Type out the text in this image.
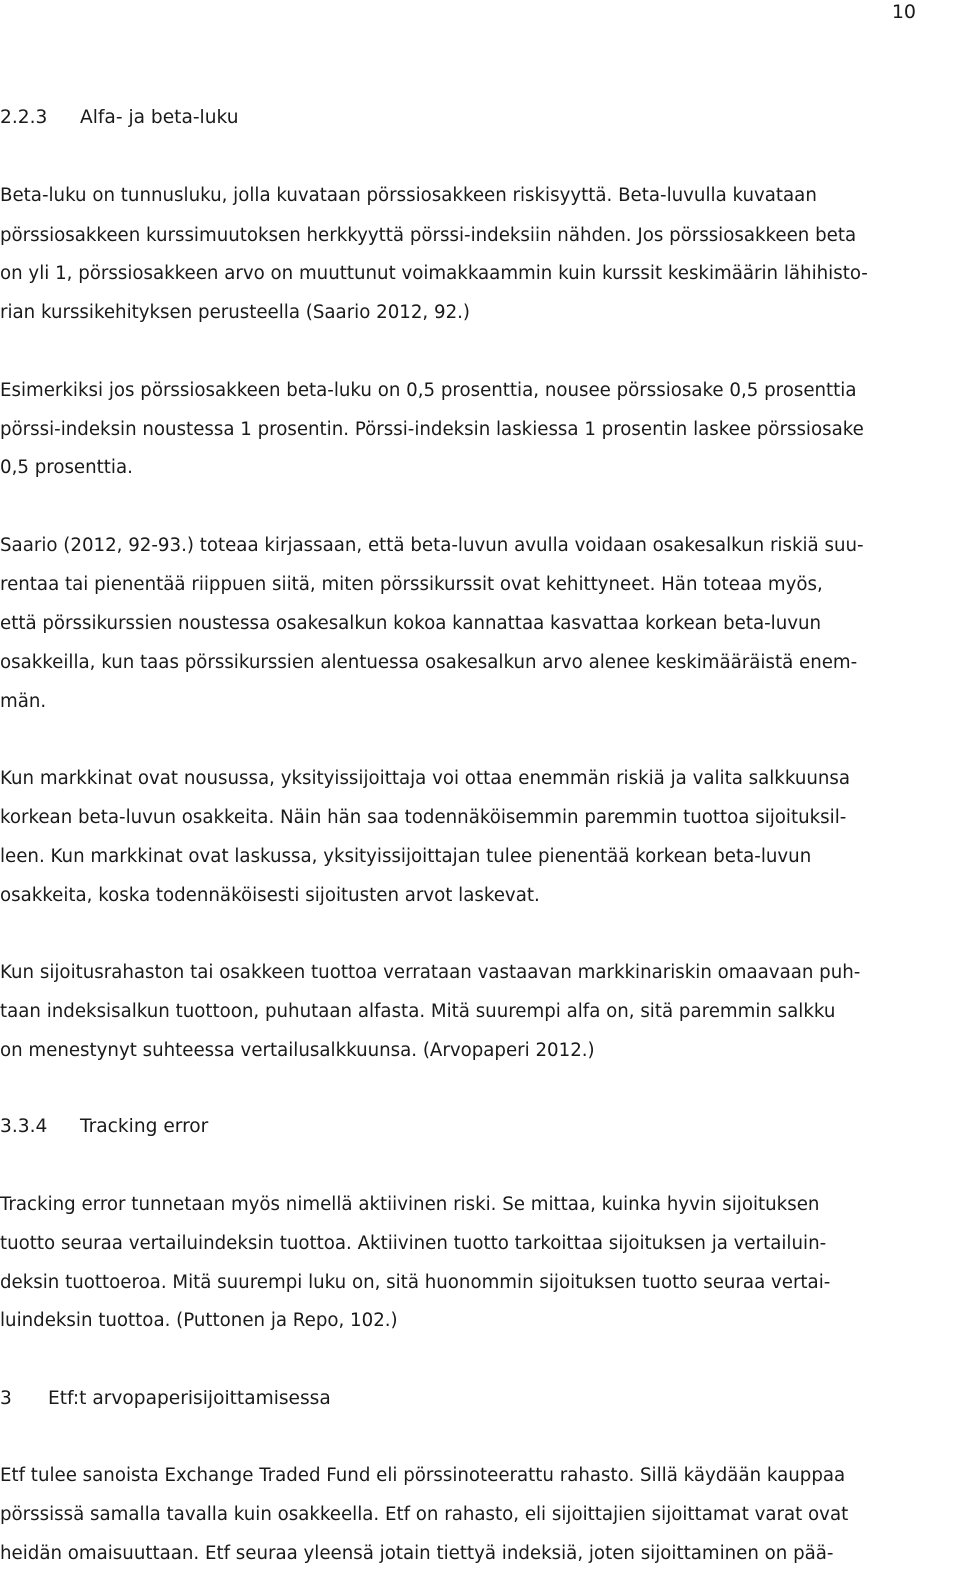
10
2.2.3 Alfa- ja beta-luku
Beta-luku on tunnusluku, jolla kuvataan pörssiosakkeen riskisyyttä. Beta-luvulla kuvataan
pörssiosakkeen kurssimuutoksen herkkyyttä pörssi-indeksiin nähden. Jos pörssiosakkeen beta
on yli 1, pörssiosakkeen arvo on muuttunut voimakkaammin kuin kurssit keskimäärin lähihisto-
rian kurssikehityksen perusteella (Saario 2012, 92.)
Esimerkiksi jos pörssiosakkeen beta-luku on 0,5 prosenttia, nousee pörssiosake 0,5 prosenttia
pörssi-indeksin noustessa 1 prosentin. Pörssi-indeksin laskiessa 1 prosentin laskee pörssiosake
0,5 prosenttia.
Saario (2012, 92-93.) toteaa kirjassaan, että beta-luvun avulla voidaan osakesalkun riskiä suu-
rentaa tai pienentää riippuen siitä, miten pörssikurssit ovat kehittyneet. Hän toteaa myös,
että pörssikurssien noustessa osakesalkun kokoa kannattaa kasvattaa korkean beta-luvun
osakkeilla, kun taas pörssikurssien alentuessa osakesalkun arvo alenee keskimääräistä enem-
män.
Kun markkinat ovat nousussa, yksityissijoittaja voi ottaa enemmän riskiä ja valita salkkuunsa
korkean beta-luvun osakkeita. Näin hän saa todennäköisemmin paremmin tuottoa sijoituksil-
leen. Kun markkinat ovat laskussa, yksityissijoittajan tulee pienentää korkean beta-luvun
osakkeita, koska todennäköisesti sijoitusten arvot laskevat.
Kun sijoitusrahaston tai osakkeen tuottoa verrataan vastaavan markkinariskin omaavaan puh-
taan indeksisalkun tuottoon, puhutaan alfasta. Mitä suurempi alfa on, sitä paremmin salkku
on menestynyt suhteessa vertailusalkkuunsa. (Arvopaperi 2012.)
3.3.4 Tracking error
Tracking error tunnetaan myös nimellä aktiivinen riski. Se mittaa, kuinka hyvin sijoituksen
tuotto seuraa vertailuindeksin tuottoa. Aktiivinen tuotto tarkoittaa sijoituksen ja vertailuin-
deksin tuottoeroa. Mitä suurempi luku on, sitä huonommin sijoituksen tuotto seuraa vertai-
luindeksin tuottoa. (Puttonen ja Repo, 102.)
3 Etf:t arvopaperisijoittamisessa
Etf tulee sanoista Exchange Traded Fund eli pörssinoteerattu rahasto. Sillä käydään kauppaa
pörssissä samalla tavalla kuin osakkeella. Etf on rahasto, eli sijoittajien sijoittamat varat ovat
heidän omaisuuttaan. Etf seuraa yleensä jotain tiettyä indeksiä, joten sijoittaminen on pää-
